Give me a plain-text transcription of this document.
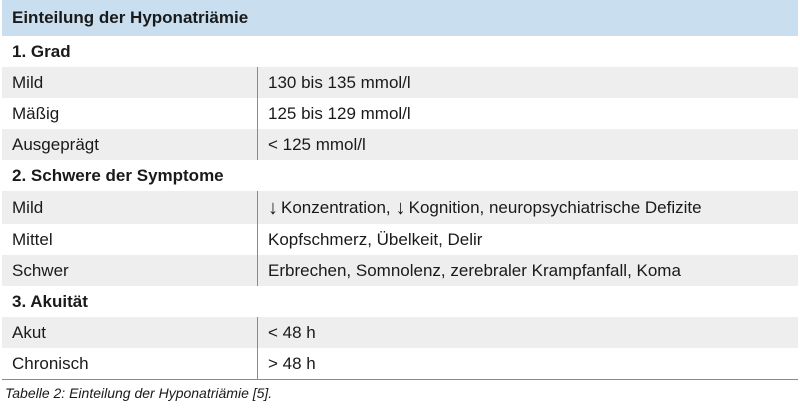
Einteilung der Hyponatriämie
1. Grad
Mild	130 bis 135 mmol/l
Mäßig	125 bis 129 mmol/l
Ausgeprägt	< 125 mmol/l
2. Schwere der Symptome
Mild	↓ Konzentration, ↓ Kognition, neuropsychiatrische Defizite
Mittel	Kopfschmerz, Übelkeit, Delir
Schwer	Erbrechen, Somnolenz, zerebraler Krampfanfall, Koma
3. Akuität
Akut	< 48 h
Chronisch	> 48 h
Tabelle 2: Einteilung der Hyponatriämie [5].
